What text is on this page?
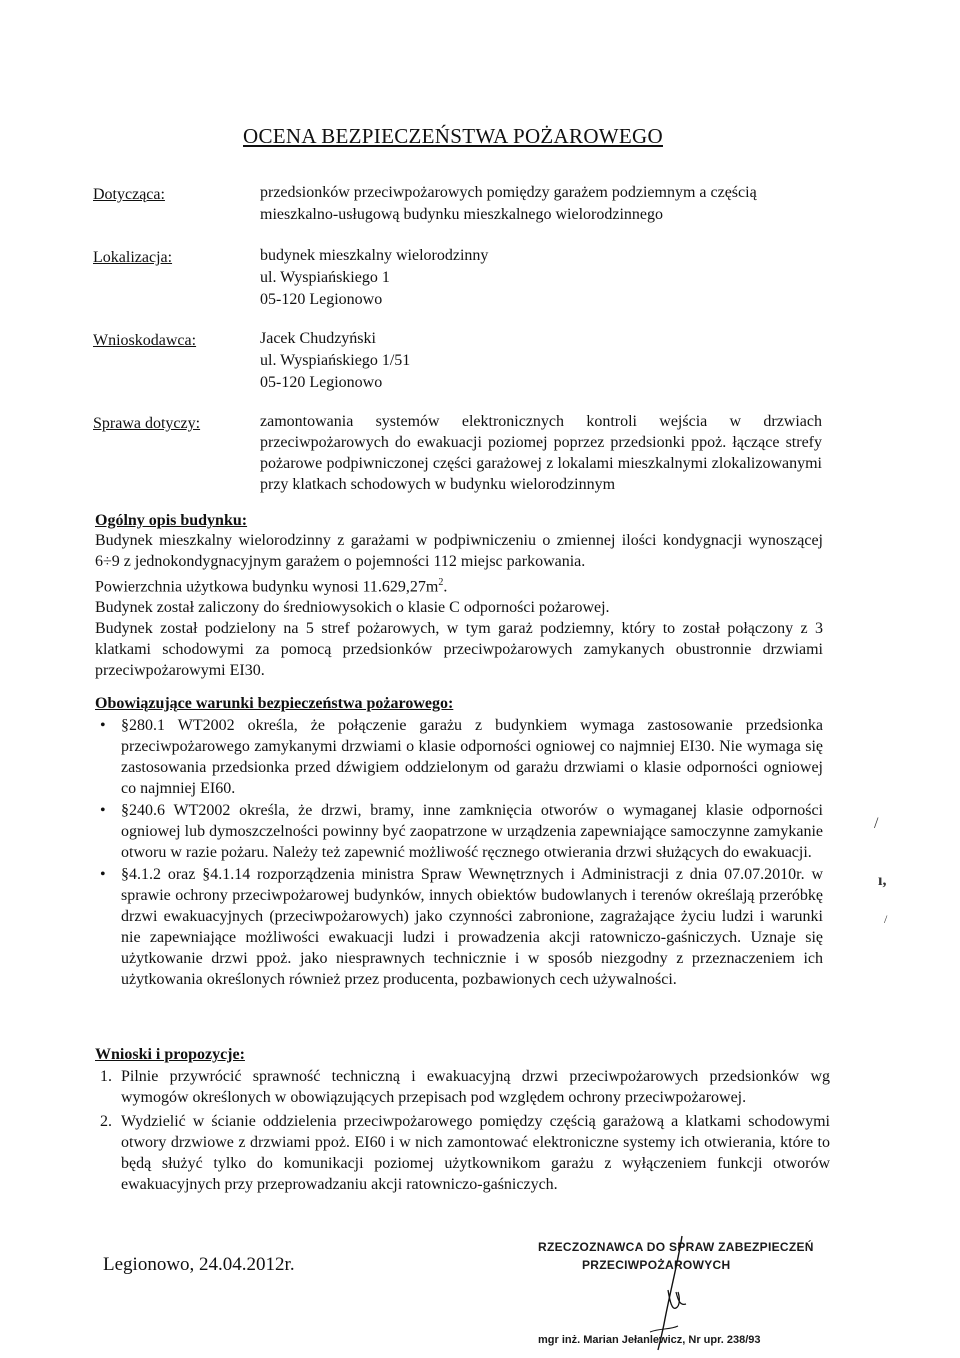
OCENA BEZPIECZEŃSTWA POŻAROWEGO
Dotycząca:	przedsionków przeciwpożarowych pomiędzy garażem podziemnym a częścią
mieszkalno-usługową budynku mieszkalnego wielorodzinnego
Lokalizacja:	budynek mieszkalny wielorodzinny
ul. Wyspiańskiego 1
05-120 Legionowo
Wnioskodawca:	Jacek Chudzyński
ul. Wyspiańskiego 1/51
05-120 Legionowo
Sprawa dotyczy:	zamontowania systemów elektronicznych kontroli wejścia w drzwiach przeciwpożarowych do ewakuacji poziomej poprzez przedsionki ppoż. łączące strefy pożarowe podpiwniczonej części garażowej z lokalami mieszkalnymi zlokalizowanymi przy klatkach schodowych w budynku wielorodzinnym
Ogólny opis budynku:

Budynek mieszkalny wielorodzinny z garażami w podpiwniczeniu o zmiennej ilości kondygnacji wynoszącej 6÷9 z jednokondygnacyjnym garażem o pojemności 112 miejsc parkowania.

Powierzchnia użytkowa budynku wynosi $11.629,27m^2$.

Budynek został zaliczony do średniowysokich o klasie C odporności pożarowej.

Budynek został podzielony na 5 stref pożarowych, w tym garaż podziemny, który to został połączony z 3 klatkami schodowymi za pomocą przedsionków przeciwpożarowych zamykanych obustronnie drzwiami przeciwpożarowymi EI30.

Obowiązujące warunki bezpieczeństwa pożarowego:
• §280.1 WT2002 określa, że połączenie garażu z budynkiem wymaga zastosowanie przedsionka przeciwpożarowego zamykanymi drzwiami o klasie odporności ogniowej co najmniej EI30. Nie wymaga się zastosowania przedsionka przed dźwigiem oddzielonym od garażu drzwiami o klasie odporności ogniowej co najmniej EI60.
• §240.6 WT2002 określa, że drzwi, bramy, inne zamknięcia otworów o wymaganej klasie odporności ogniowej lub dymoszczelności powinny być zaopatrzone w urządzenia zapewniające samoczynne zamykanie otworu w razie pożaru. Należy też zapewnić możliwość ręcznego otwierania drzwi służących do ewakuacji.
• §4.1.2 oraz §4.1.14 rozporządzenia ministra Spraw Wewnętrznych i Administracji z dnia 07.07.2010r. w sprawie ochrony przeciwpożarowej budynków, innych obiektów budowlanych i terenów określają przeróbkę drzwi ewakuacyjnych (przeciwpożarowych) jako czynności zabronione, zagrażające życiu ludzi i warunki nie zapewniające możliwości ewakuacji ludzi i prowadzenia akcji ratowniczo-gaśniczych. Uznaje się użytkowanie drzwi ppoż. jako niesprawnych technicznie i w sposób niezgodny z przeznaczeniem ich użytkowania określonych również przez producenta, pozbawionych cech używalności.
Wnioski i propozycje:
1. Pilnie przywrócić sprawność techniczną i ewakuacyjną drzwi przeciwpożarowych przedsionków wg wymogów określonych w obowiązujących przepisach pod względem ochrony przeciwpożarowej.
2. Wydzielić w ścianie oddzielenia przeciwpożarowego pomiędzy częścią garażową a klatkami schodowymi otwory drzwiowe z drzwiami ppoż. EI60 i w nich zamontować elektroniczne systemy ich otwierania, które to będą służyć tylko do komunikacji poziomej użytkownikom garażu z wyłączeniem funkcji otworów ewakuacyjnych przy przeprowadzaniu akcji ratowniczo-gaśniczych.
Legionowo, 24.04.2012r.
RZECZOZNAWCA DO SPRAW ZABEZPIECZEŃ
PRZECIWPOŻAROWYCH
mgr inż. Marian Jełanlewicz, Nr upr. 238/93
/
ı,
/
